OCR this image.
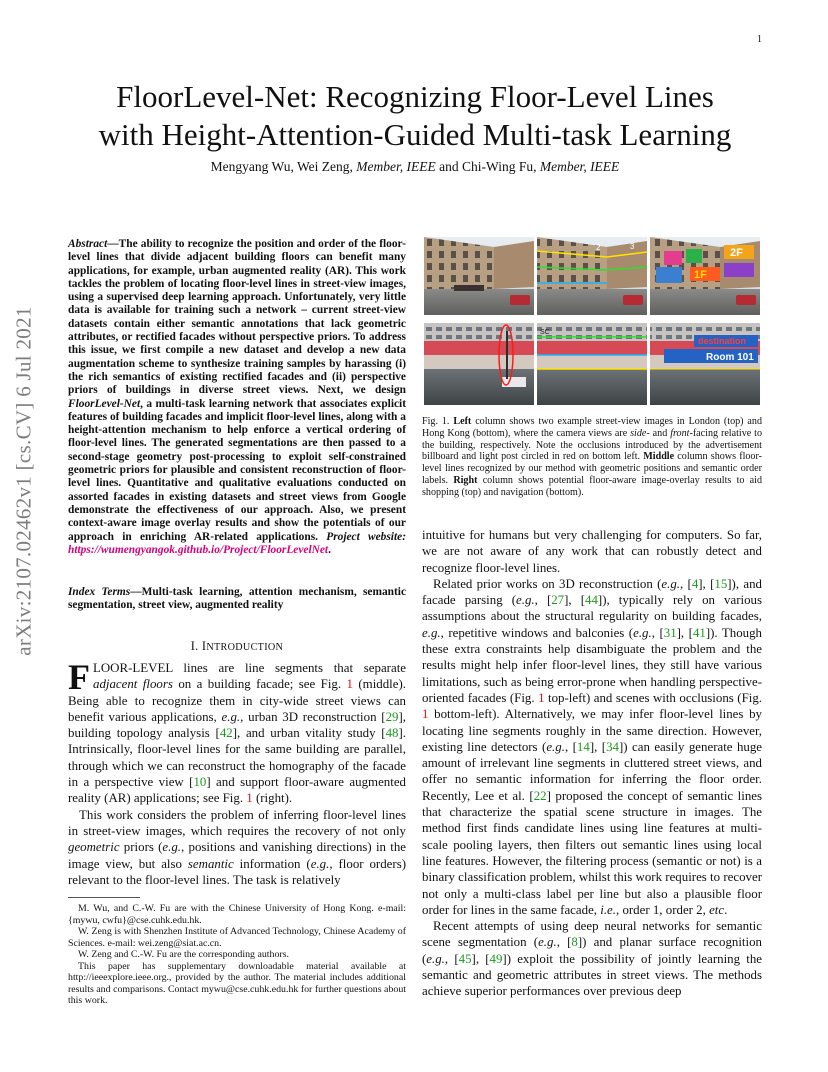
1
arXiv:2107.02462v1 [cs.CV] 6 Jul 2021
FloorLevel-Net: Recognizing Floor-Level Lines
with Height-Attention-Guided Multi-task Learning
Mengyang Wu, Wei Zeng, Member, IEEE and Chi-Wing Fu, Member, IEEE
Abstract—The ability to recognize the position and order of the floor-level lines that divide adjacent building floors can benefit many applications, for example, urban augmented reality (AR). This work tackles the problem of locating floor-level lines in street-view images, using a supervised deep learning approach. Unfortunately, very little data is available for training such a network – current street-view datasets contain either semantic annotations that lack geometric attributes, or rectified facades without perspective priors. To address this issue, we first compile a new dataset and develop a new data augmentation scheme to synthesize training samples by harassing (i) the rich semantics of existing rectified facades and (ii) perspective priors of buildings in diverse street views. Next, we design FloorLevel-Net, a multi-task learning network that associates explicit features of building facades and implicit floor-level lines, along with a height-attention mechanism to help enforce a vertical ordering of floor-level lines. The generated segmentations are then passed to a second-stage geometry post-processing to exploit self-constrained geometric priors for plausible and consistent reconstruction of floor-level lines. Quantitative and qualitative evaluations conducted on assorted facades in existing datasets and street views from Google demonstrate the effectiveness of our approach. Also, we present context-aware image overlay results and show the potentials of our approach in enriching AR-related applications. Project website: https://wumengyangok.github.io/Project/FloorLevelNet.
Index Terms—Multi-task learning, attention mechanism, semantic segmentation, street view, augmented reality
I. INTRODUCTION

FLOOR-LEVEL lines are line segments that separate adjacent floors on a building facade; see Fig. 1 (middle). Being able to recognize them in city-wide street views can benefit various applications, e.g., urban 3D reconstruction [29], building topology analysis [42], and urban vitality study [48]. Intrinsically, floor-level lines for the same building are parallel, through which we can reconstruct the homography of the facade in a perspective view [10] and support floor-aware augmented reality (AR) applications; see Fig. 1 (right).

This work considers the problem of inferring floor-level lines in street-view images, which requires the recovery of not only geometric priors (e.g., positions and vanishing directions) in the image view, but also semantic information (e.g., floor orders) relevant to the floor-level lines. The task is relatively

M. Wu, and C.-W. Fu are with the Chinese University of Hong Kong. e-mail: {mywu, cwfu}@cse.cuhk.edu.hk.

W. Zeng is with Shenzhen Institute of Advanced Technology, Chinese Academy of Sciences. e-mail: wei.zeng@siat.ac.cn.

W. Zeng and C.-W. Fu are the corresponding authors.

This paper has supplementary downloadable material available at http://ieeexplore.ieee.org., provided by the author. The material includes additional results and comparisons. Contact mywu@cse.cuhk.edu.hk for further questions about this work.

2	3
2F
1F
SC
destination
Room 101
Fig. 1. Left column shows two example street-view images in London (top) and Hong Kong (bottom), where the camera views are side- and front-facing relative to the building, respectively. Note the occlusions introduced by the advertisement billboard and light post circled in red on bottom left. Middle column shows floor-level lines recognized by our method with geometric positions and semantic order labels. Right column shows potential floor-aware image-overlay results to aid shopping (top) and navigation (bottom).

intuitive for humans but very challenging for computers. So far, we are not aware of any work that can robustly detect and recognize floor-level lines.

Related prior works on 3D reconstruction (e.g., [4], [15]), and facade parsing (e.g., [27], [44]), typically rely on various assumptions about the structural regularity on building facades, e.g., repetitive windows and balconies (e.g., [31], [41]). Though these extra constraints help disambiguate the problem and the results might help infer floor-level lines, they still have various limitations, such as being error-prone when handling perspective-oriented facades (Fig. 1 top-left) and scenes with occlusions (Fig. 1 bottom-left). Alternatively, we may infer floor-level lines by locating line segments roughly in the same direction. However, existing line detectors (e.g., [14], [34]) can easily generate huge amount of irrelevant line segments in cluttered street views, and offer no semantic information for inferring the floor order. Recently, Lee et al. [22] proposed the concept of semantic lines that characterize the spatial scene structure in images. The method first finds candidate lines using line features at multi-scale pooling layers, then filters out semantic lines using local line features. However, the filtering process (semantic or not) is a binary classification problem, whilst this work requires to recover not only a multi-class label per line but also a plausible floor order for lines in the same facade, i.e., order 1, order 2, etc.

Recent attempts of using deep neural networks for semantic scene segmentation (e.g., [8]) and planar surface recognition (e.g., [45], [49]) exploit the possibility of jointly learning the semantic and geometric attributes in street views. The methods achieve superior performances over previous deep
